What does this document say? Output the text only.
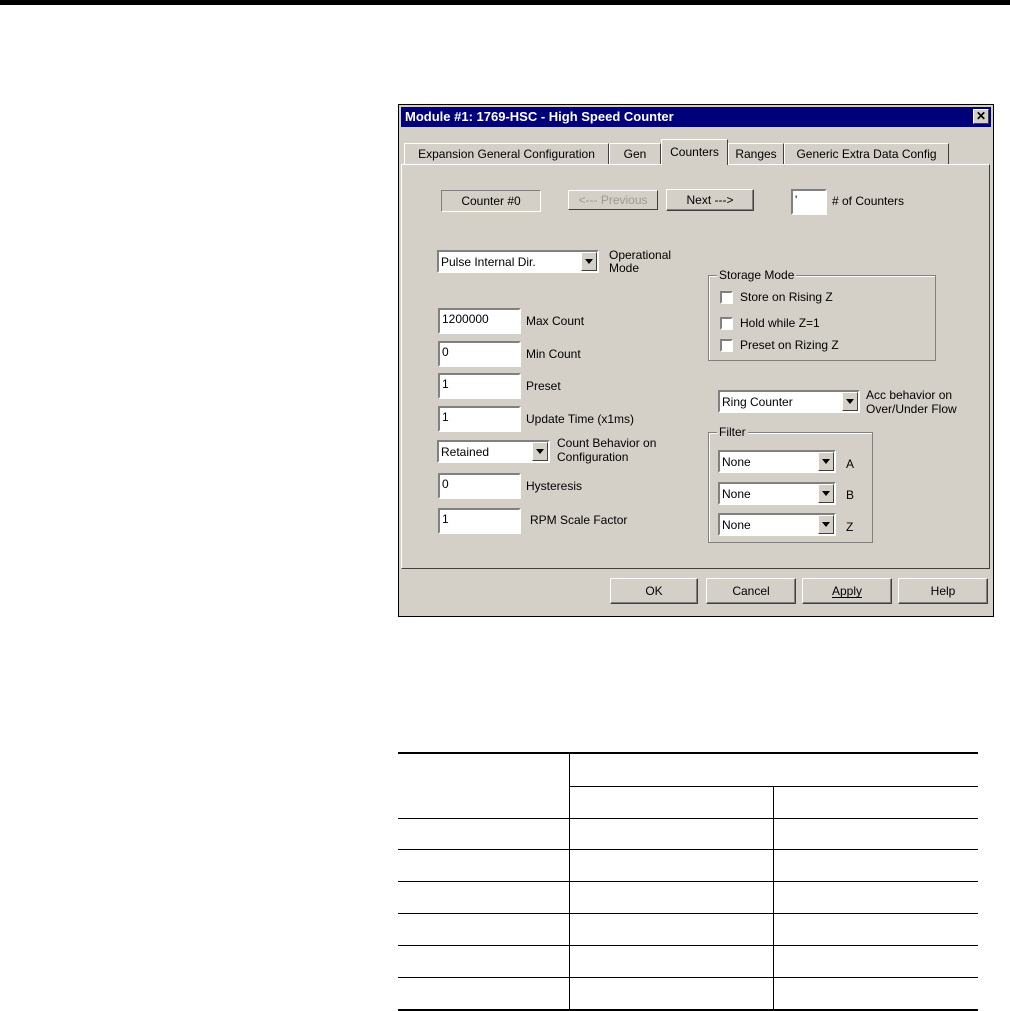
Module #1: 1769-HSC - High Speed Counter	✕
Expansion General Configuration	Gen	Counters	Ranges	Generic Extra Data Config
Counter #0	<--- Previous	Next --->	'	# of Counters
Pulse Internal Dir.	Operational
Mode
1200000	Max Count
0	Min Count
1	Preset
1	Update Time (x1ms)
Retained
Count Behavior on
Configuration
0	Hysteresis
1	RPM Scale Factor
Storage Mode
Store on Rising Z
Hold while Z=1
Preset on Rizing Z
Ring Counter	Acc behavior on
Over/Under Flow
Filter
None	A
None	B
None	Z
OK	Cancel	Apply	Help
